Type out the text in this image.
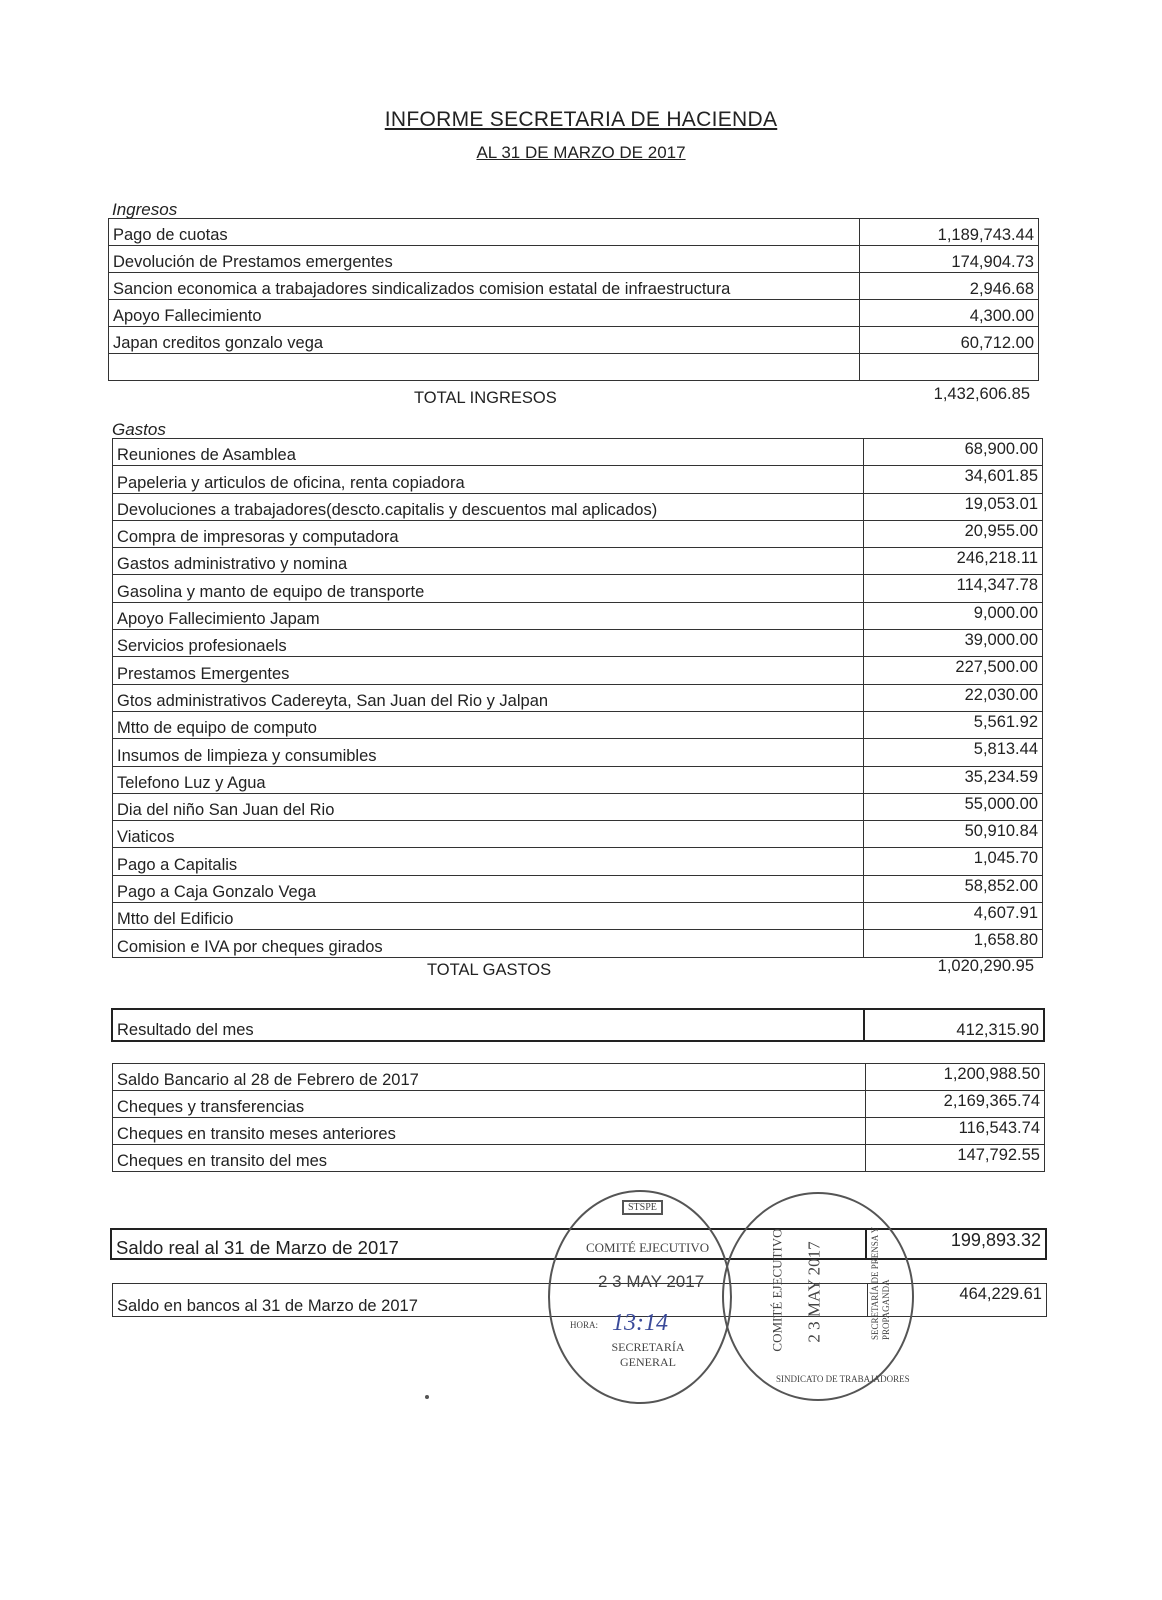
INFORME SECRETARIA DE HACIENDA
AL 31 DE MARZO DE 2017
Ingresos
Pago de cuotas	1,189,743.44
Devolución de Prestamos emergentes	174,904.73
Sancion economica a trabajadores sindicalizados comision estatal de infraestructura	2,946.68
Apoyo Fallecimiento	4,300.00
Japan creditos gonzalo vega	60,712.00

TOTAL INGRESOS	1,432,606.85
Gastos
Reuniones de Asamblea	68,900.00
Papeleria y articulos de oficina, renta copiadora	34,601.85
Devoluciones a trabajadores(descto.capitalis y descuentos mal aplicados)	19,053.01
Compra de impresoras y computadora	20,955.00
Gastos administrativo y nomina	246,218.11
Gasolina y manto de equipo de transporte	114,347.78
Apoyo Fallecimiento Japam	9,000.00
Servicios profesionaels	39,000.00
Prestamos Emergentes	227,500.00
Gtos administrativos Cadereyta, San Juan del Rio y Jalpan	22,030.00
Mtto de equipo de computo	5,561.92
Insumos de limpieza y consumibles	5,813.44
Telefono Luz y Agua	35,234.59
Dia del niño San Juan del Rio	55,000.00
Viaticos	50,910.84
Pago a Capitalis	1,045.70
Pago a Caja Gonzalo Vega	58,852.00
Mtto del Edificio	4,607.91
Comision e IVA por cheques girados	1,658.80
TOTAL GASTOS	1,020,290.95
Resultado del mes	412,315.90
Saldo Bancario al 28 de Febrero de 2017	1,200,988.50
Cheques y transferencias	2,169,365.74
Cheques en transito meses anteriores	116,543.74
Cheques en transito del mes	147,792.55
Saldo real al 31 de Marzo de 2017	199,893.32
Saldo en bancos al 31 de Marzo de 2017	464,229.61
STSPE
COMITÉ EJECUTIVO
2 3 MAY 2017
HORA: 13:14
SECRETARÍA GENERAL
COMITÉ EJECUTIVO 2 3 MAY 2017	SECRETARÍA DE PRENSA Y PROPAGANDA
SINDICATO DE TRABAJADORES
